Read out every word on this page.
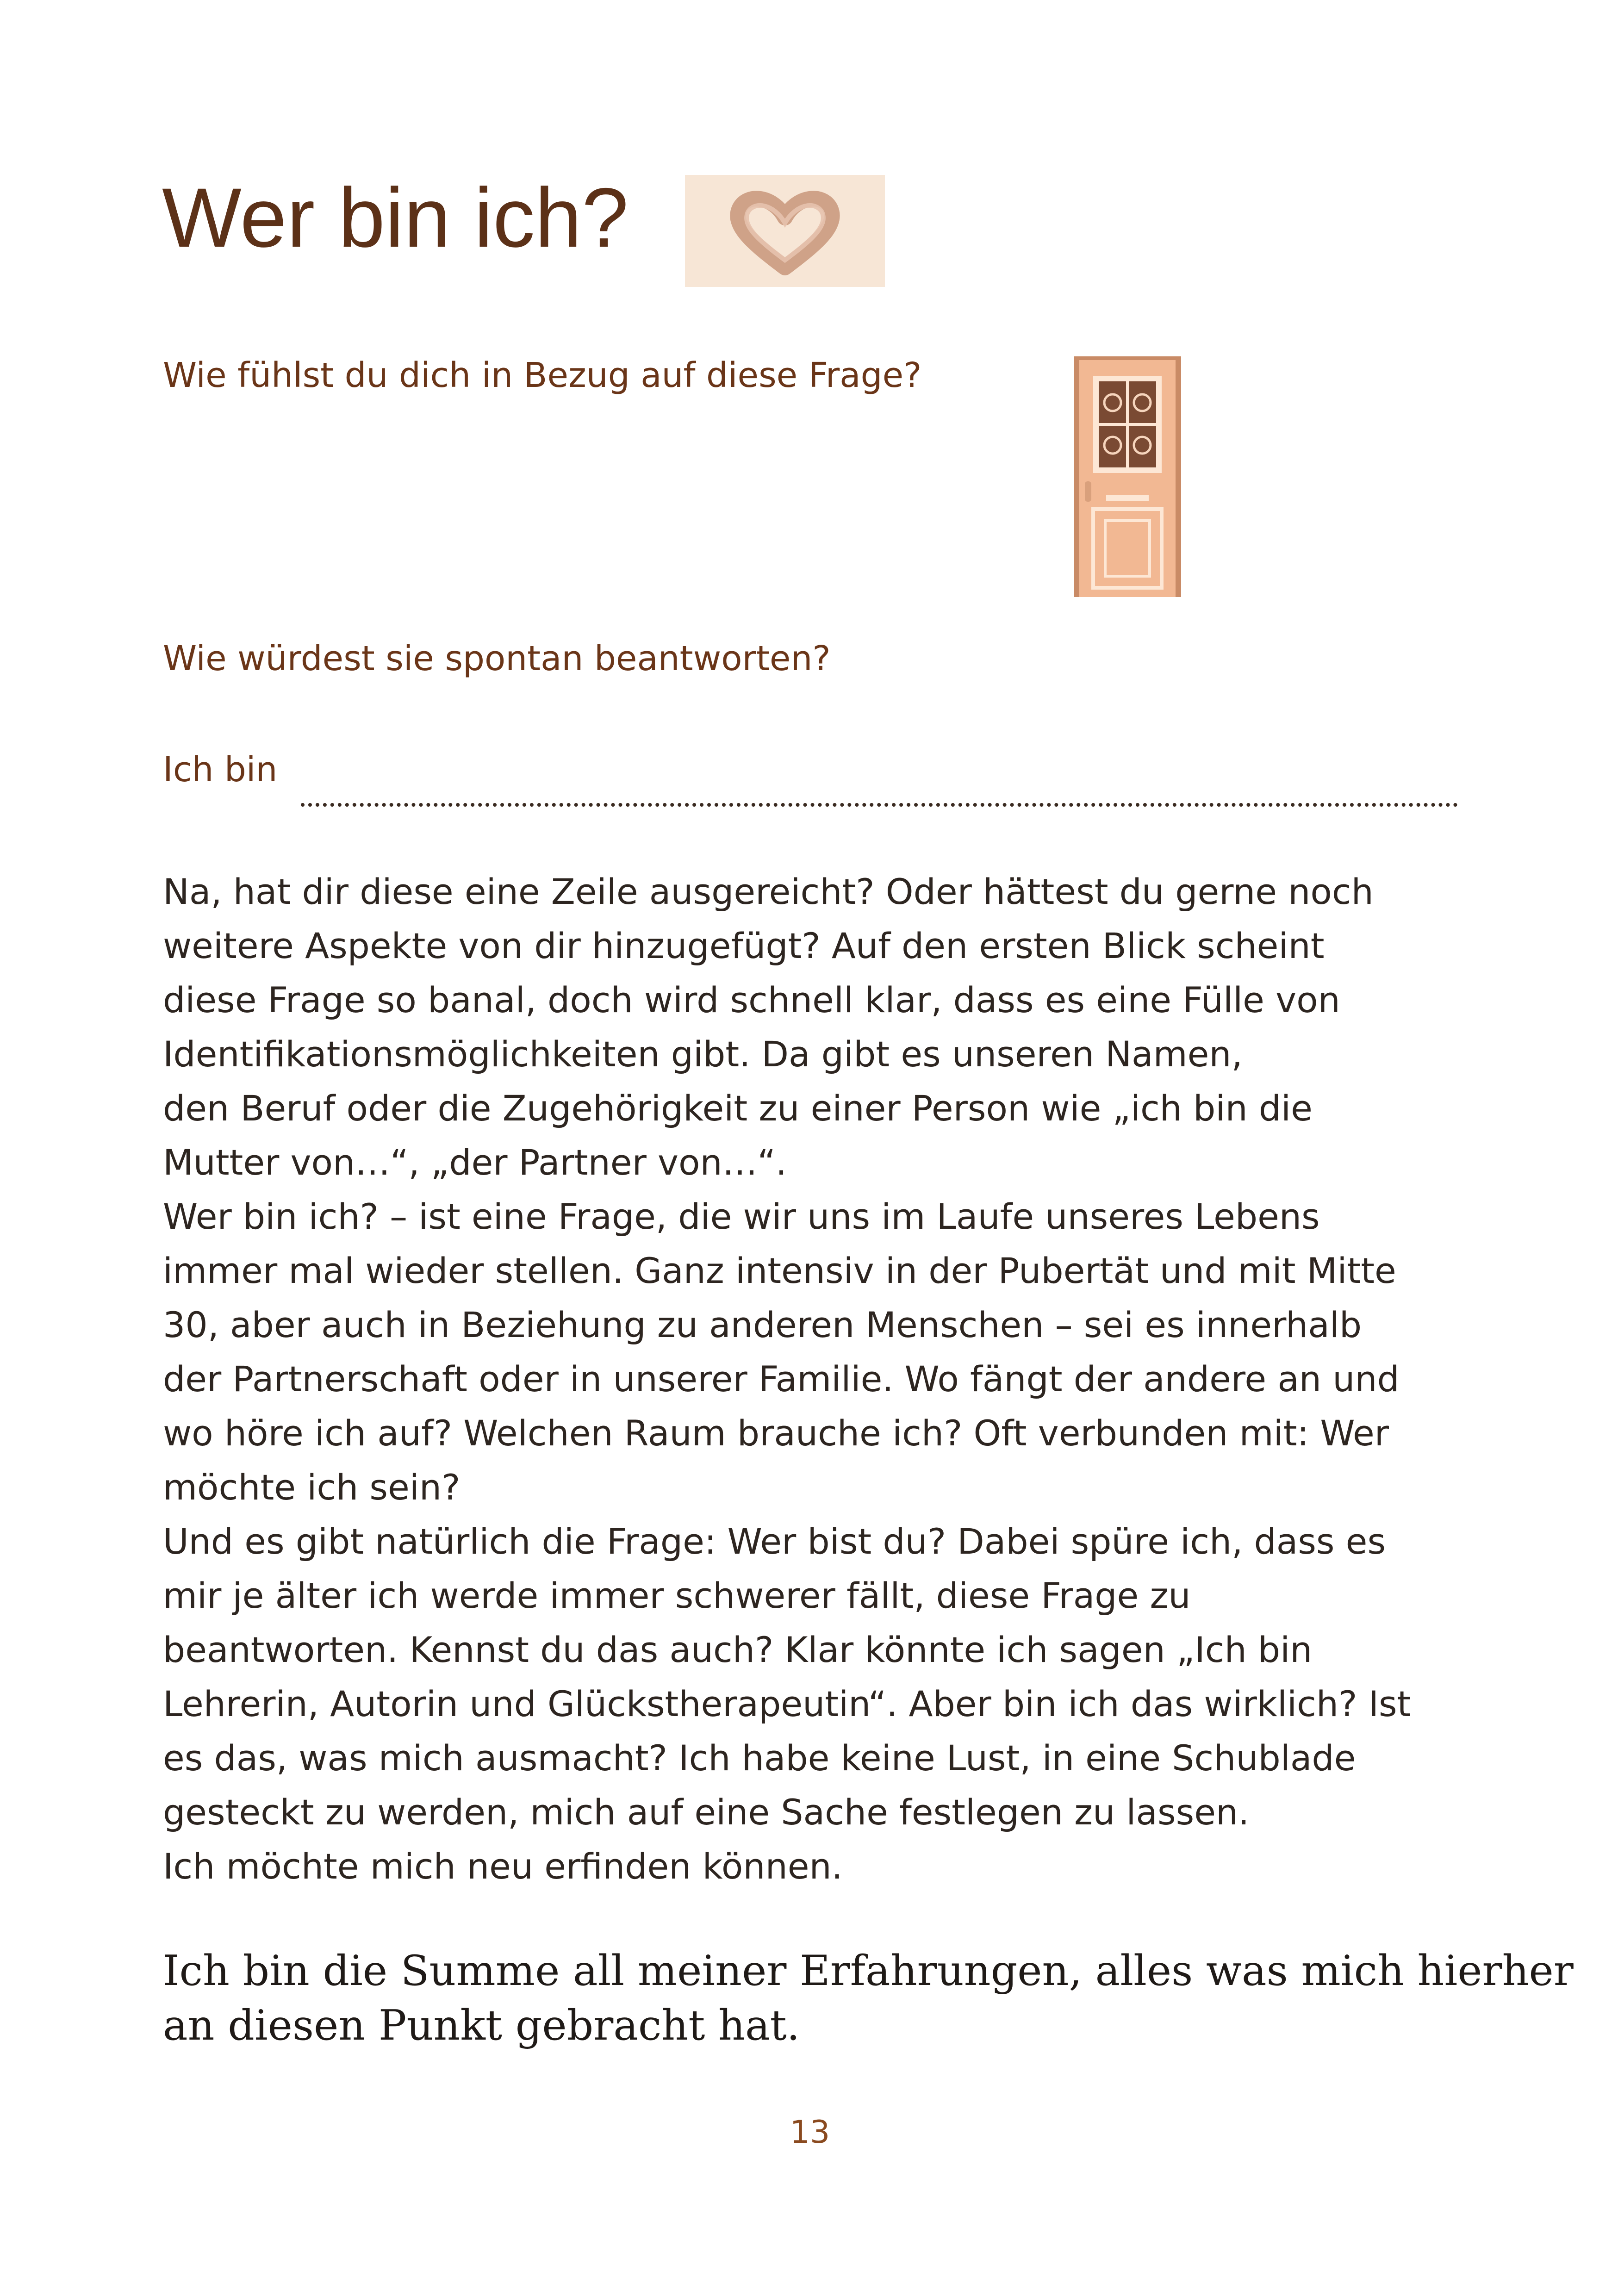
Wer bin ich?
Wie fühlst du dich in Bezug auf diese Frage?
Wie würdest sie spontan beantworten?
Ich bin
Na, hat dir diese eine Zeile ausgereicht? Oder hättest du gerne noch
weitere Aspekte von dir hinzugefügt? Auf den ersten Blick scheint
diese Frage so banal, doch wird schnell klar, dass es eine Fülle von
Identifikationsmöglichkeiten gibt. Da gibt es unseren Namen,
den Beruf oder die Zugehörigkeit zu einer Person wie „ich bin die
Mutter von…“, „der Partner von…“.
Wer bin ich? – ist eine Frage, die wir uns im Laufe unseres Lebens
immer mal wieder stellen. Ganz intensiv in der Pubertät und mit Mitte
30, aber auch in Beziehung zu anderen Menschen – sei es innerhalb
der Partnerschaft oder in unserer Familie. Wo fängt der andere an und
wo höre ich auf? Welchen Raum brauche ich? Oft verbunden mit: Wer
möchte ich sein?
Und es gibt natürlich die Frage: Wer bist du? Dabei spüre ich, dass es
mir je älter ich werde immer schwerer fällt, diese Frage zu
beantworten. Kennst du das auch? Klar könnte ich sagen „Ich bin
Lehrerin, Autorin und Glückstherapeutin“. Aber bin ich das wirklich? Ist
es das, was mich ausmacht? Ich habe keine Lust, in eine Schublade
gesteckt zu werden, mich auf eine Sache festlegen zu lassen.
Ich möchte mich neu erfinden können.
Ich bin die Summe all meiner Erfahrungen, alles was mich hierher
an diesen Punkt gebracht hat.
13
